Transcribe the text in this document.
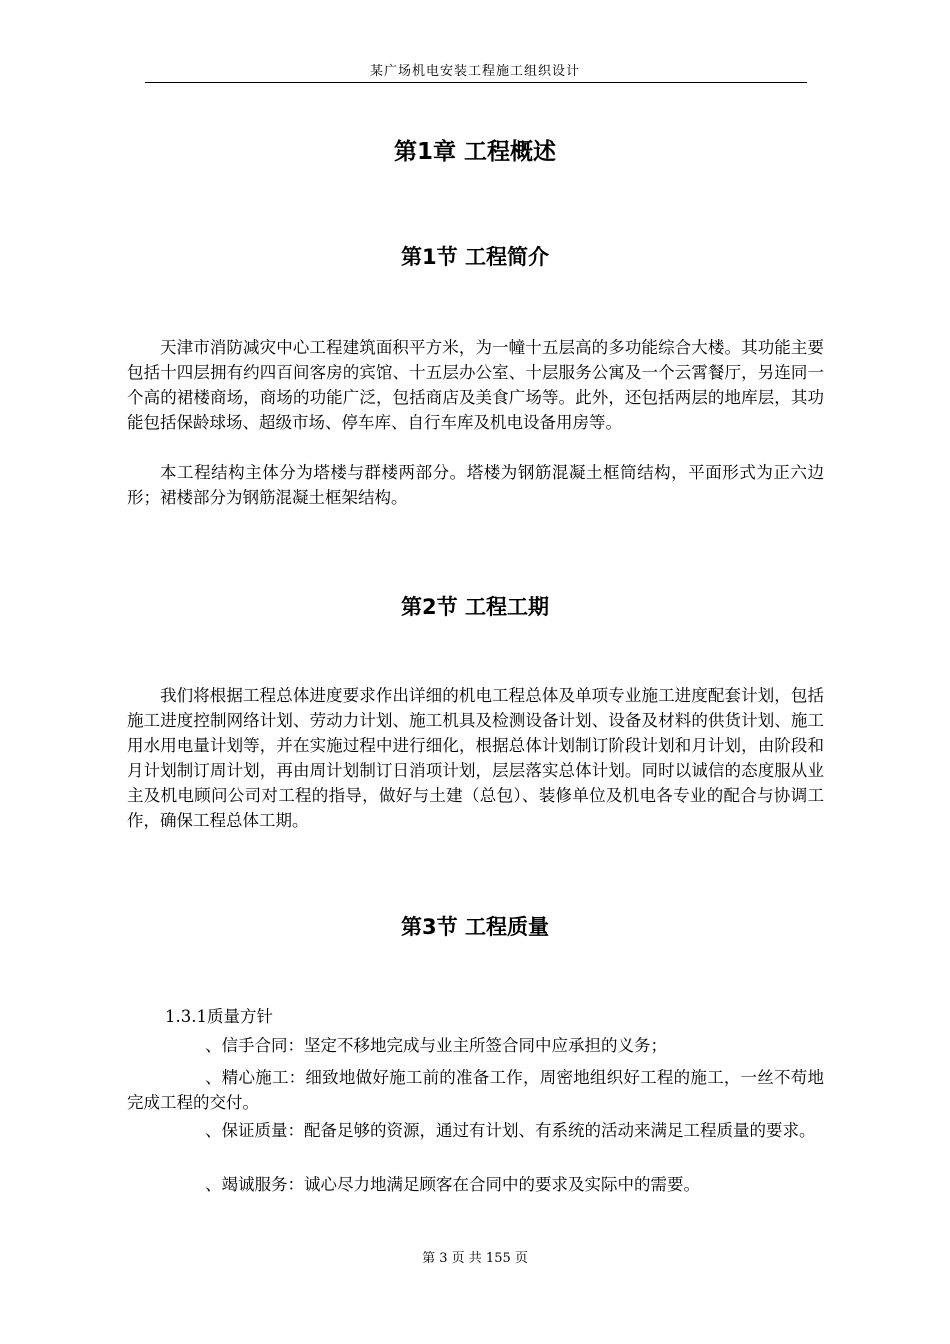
某广场机电安装工程施工组织设计
第1章 工程概述
第1节 工程简介

天津市消防减灾中心工程建筑面积平方米，为一幢十五层高的多功能综合大楼。其功能主要包括十四层拥有约四百间客房的宾馆、十五层办公室、十层服务公寓及一个云霄餐厅，另连同一个高的裙楼商场，商场的功能广泛，包括商店及美食广场等。此外，还包括两层的地库层，其功能包括保龄球场、超级市场、停车库、自行车库及机电设备用房等。

本工程结构主体分为塔楼与群楼两部分。塔楼为钢筋混凝土框筒结构，平面形式为正六边形；裙楼部分为钢筋混凝土框架结构。

第2节 工程工期

我们将根据工程总体进度要求作出详细的机电工程总体及单项专业施工进度配套计划，包括施工进度控制网络计划、劳动力计划、施工机具及检测设备计划、设备及材料的供货计划、施工用水用电量计划等，并在实施过程中进行细化，根据总体计划制订阶段计划和月计划，由阶段和月计划制订周计划，再由周计划制订日消项计划，层层落实总体计划。同时以诚信的态度服从业主及机电顾问公司对工程的指导，做好与土建（总包）、装修单位及机电各专业的配合与协调工作，确保工程总体工期。

第3节 工程质量
1.3.1质量方针

、信手合同：坚定不移地完成与业主所签合同中应承担的义务；

、精心施工：细致地做好施工前的准备工作，周密地组织好工程的施工，一丝不苟地完成工程的交付。

、保证质量：配备足够的资源，通过有计划、有系统的活动来满足工程质量的要求。

、竭诚服务：诚心尽力地满足顾客在合同中的要求及实际中的需要。

第 3 页 共 155 页
